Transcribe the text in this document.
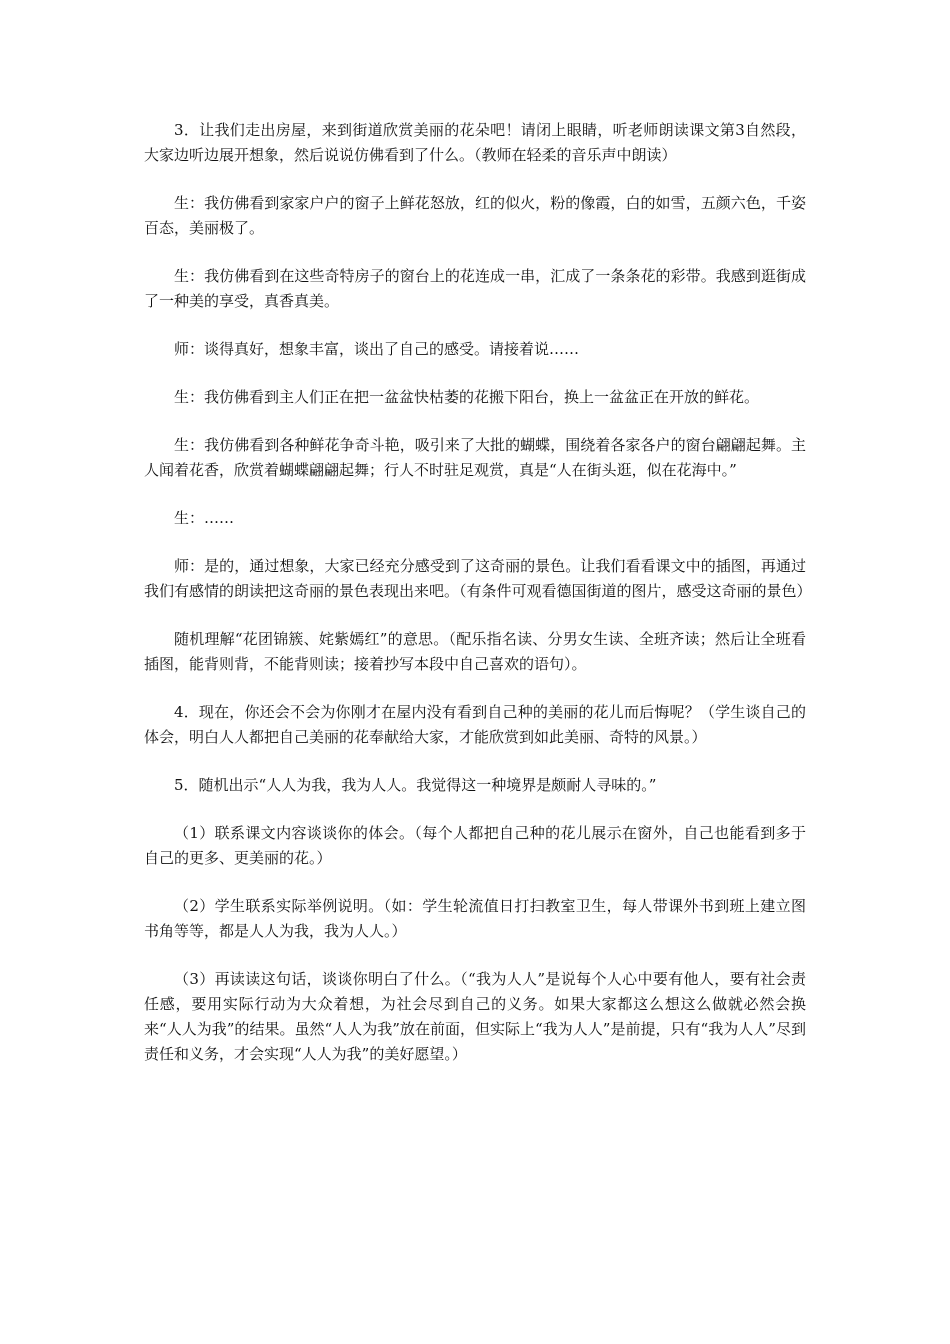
3．让我们走出房屋，来到街道欣赏美丽的花朵吧！请闭上眼睛，听老师朗读课文第3自然段，大家边听边展开想象，然后说说仿佛看到了什么。（教师在轻柔的音乐声中朗读）

生：我仿佛看到家家户户的窗子上鲜花怒放，红的似火，粉的像霞，白的如雪，五颜六色，千姿百态，美丽极了。

生：我仿佛看到在这些奇特房子的窗台上的花连成一串，汇成了一条条花的彩带。我感到逛街成了一种美的享受，真香真美。

师：谈得真好，想象丰富，谈出了自己的感受。请接着说……

生：我仿佛看到主人们正在把一盆盆快枯萎的花搬下阳台，换上一盆盆正在开放的鲜花。

生：我仿佛看到各种鲜花争奇斗艳，吸引来了大批的蝴蝶，围绕着各家各户的窗台翩翩起舞。主人闻着花香，欣赏着蝴蝶翩翩起舞；行人不时驻足观赏，真是“人在街头逛，似在花海中。”

生：……

师：是的，通过想象，大家已经充分感受到了这奇丽的景色。让我们看看课文中的插图，再通过我们有感情的朗读把这奇丽的景色表现出来吧。（有条件可观看德国街道的图片，感受这奇丽的景色）

随机理解“花团锦簇、姹紫嫣红”的意思。（配乐指名读、分男女生读、全班齐读；然后让全班看插图，能背则背，不能背则读；接着抄写本段中自己喜欢的语句）。

4．现在，你还会不会为你刚才在屋内没有看到自己种的美丽的花儿而后悔呢？（学生谈自己的体会，明白人人都把自己美丽的花奉献给大家，才能欣赏到如此美丽、奇特的风景。）

5．随机出示“人人为我，我为人人。我觉得这一种境界是颇耐人寻味的。”

（1）联系课文内容谈谈你的体会。（每个人都把自己种的花儿展示在窗外，自己也能看到多于自己的更多、更美丽的花。）

（2）学生联系实际举例说明。（如：学生轮流值日打扫教室卫生，每人带课外书到班上建立图书角等等，都是人人为我，我为人人。）

（3）再读读这句话，谈谈你明白了什么。（“我为人人”是说每个人心中要有他人，要有社会责任感，要用实际行动为大众着想，为社会尽到自己的义务。如果大家都这么想这么做就必然会换来“人人为我”的结果。虽然“人人为我”放在前面，但实际上“我为人人”是前提，只有“我为人人”尽到责任和义务，才会实现“人人为我”的美好愿望。）
